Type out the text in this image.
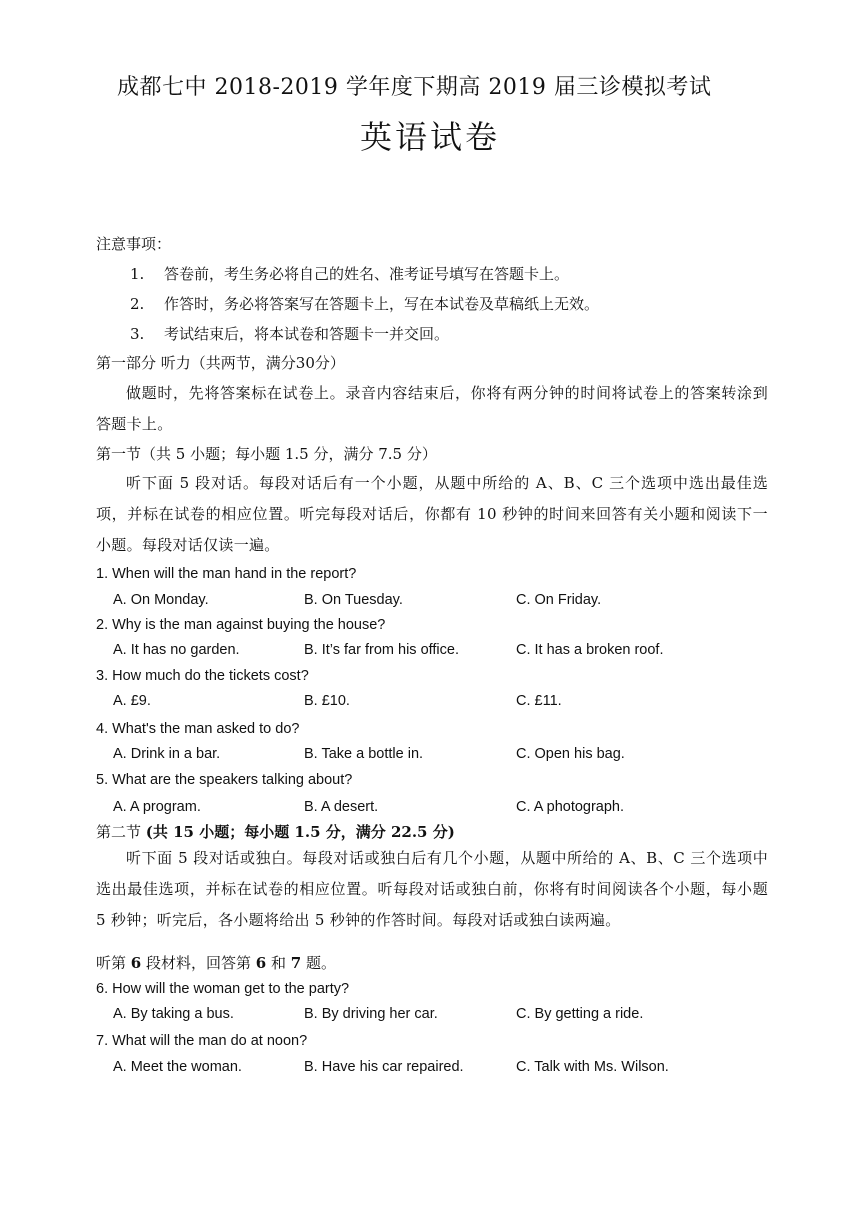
成都七中 2018-2019 学年度下期高 2019 届三诊模拟考试
英语试卷
注意事项：
1. 答卷前，考生务必将自己的姓名、准考证号填写在答题卡上。
2. 作答时，务必将答案写在答题卡上，写在本试卷及草稿纸上无效。
3. 考试结束后，将本试卷和答题卡一并交回。
第一部分 听力（共两节，满分30分）
做题时，先将答案标在试卷上。录音内容结束后，你将有两分钟的时间将试卷上的答案转涂到答题卡上。
第一节（共 5 小题；每小题 1.5 分，满分 7.5 分）
听下面 5 段对话。每段对话后有一个小题，从题中所给的 A、B、C 三个选项中选出最佳选项，并标在试卷的相应位置。听完每段对话后，你都有 10 秒钟的时间来回答有关小题和阅读下一小题。每段对话仅读一遍。
1. When will the man hand in the report?
A. On Monday.	B. On Tuesday.	C. On Friday.
2. Why is the man against buying the house?
A. It has no garden.	B. It’s far from his office.	C. It has a broken roof.
3. How much do the tickets cost?
A. £9.	B. £10.	C. £11.
4. What's the man asked to do?
A. Drink in a bar.	B. Take a bottle in.	C. Open his bag.
5. What are the speakers talking about?
A. A program.	B. A desert.	C. A photograph.
第二节 (共 15 小题；每小题 1.5 分，满分 22.5 分)
听下面 5 段对话或独白。每段对话或独白后有几个小题，从题中所给的 A、B、C 三个选项中选出最佳选项，并标在试卷的相应位置。听每段对话或独白前，你将有时间阅读各个小题，每小题 5 秒钟；听完后，各小题将给出 5 秒钟的作答时间。每段对话或独白读两遍。
听第 6 段材料，回答第 6 和 7 题。
6. How will the woman get to the party?
A. By taking a bus.	B. By driving her car.	C. By getting a ride.
7. What will the man do at noon?
A. Meet the woman.	B. Have his car repaired.	C. Talk with Ms. Wilson.
